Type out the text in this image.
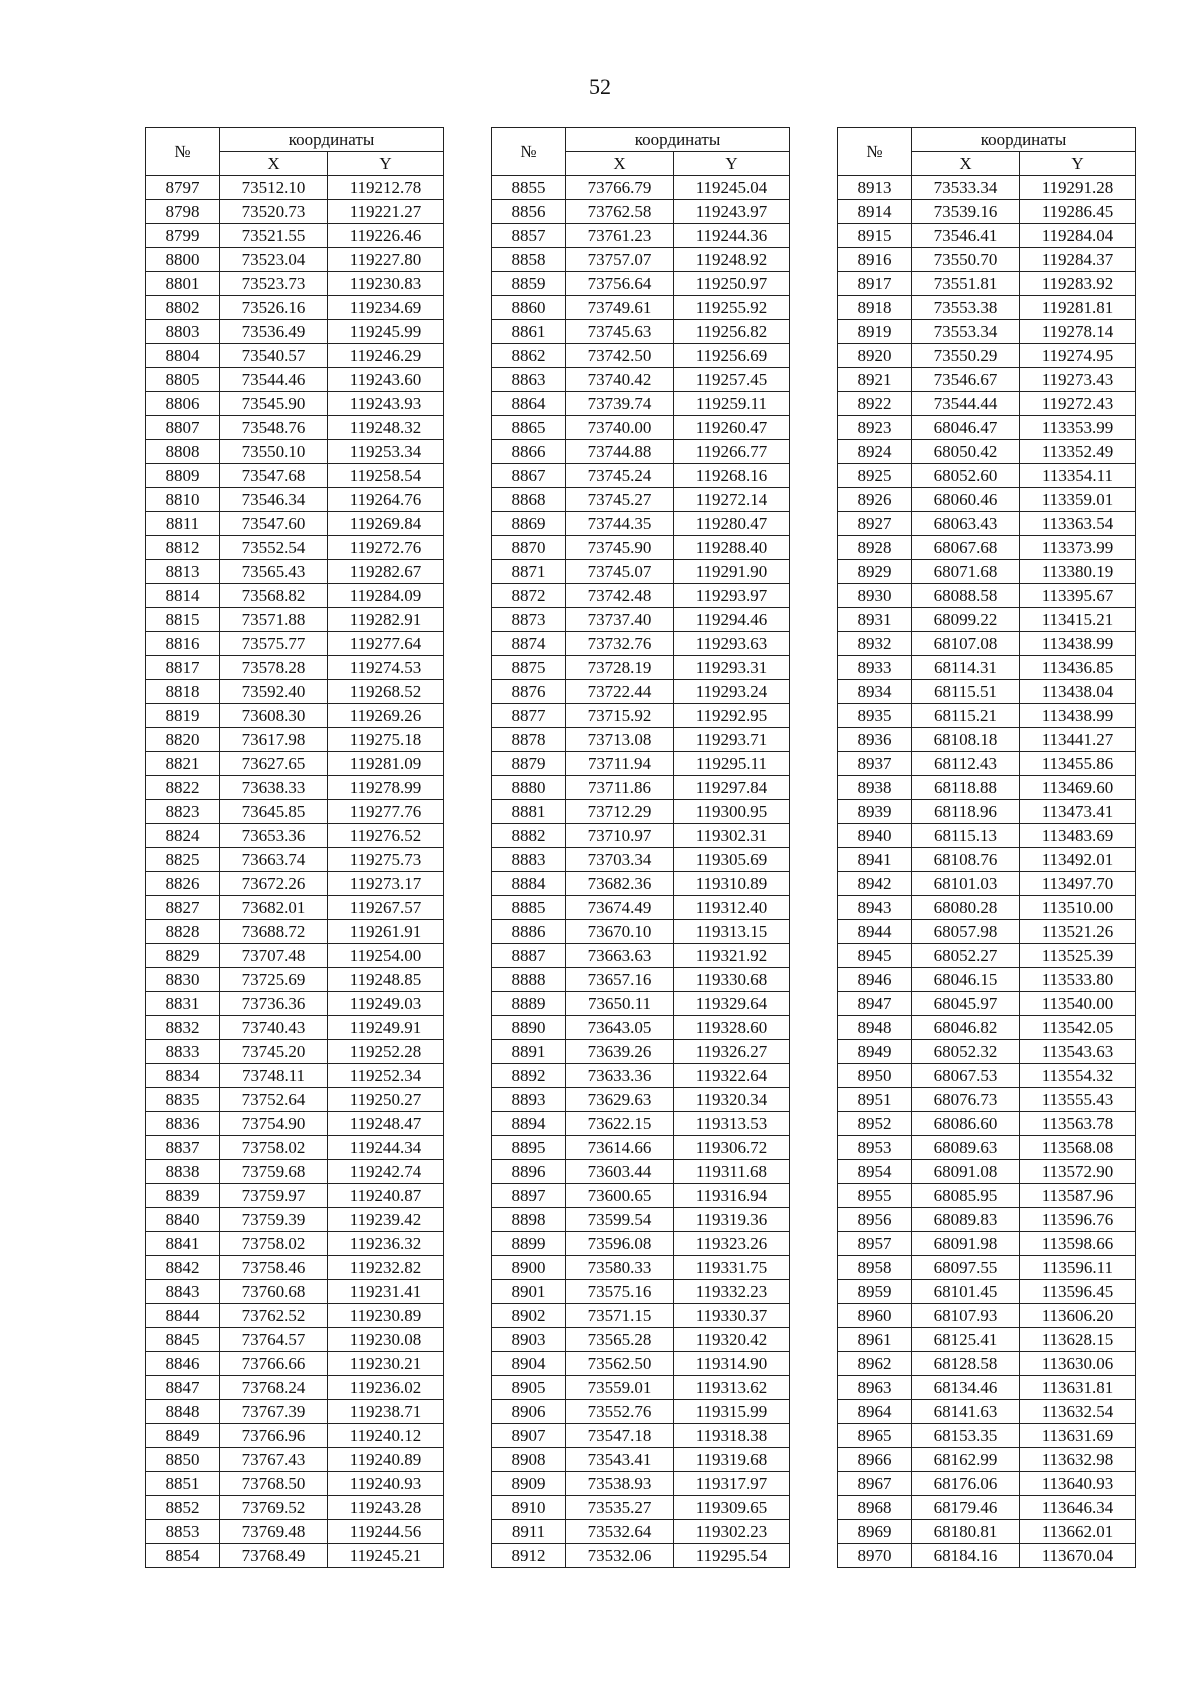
52
№	координаты	
	X	Y
8797	73512.10	119212.78
8798	73520.73	119221.27
8799	73521.55	119226.46
8800	73523.04	119227.80
8801	73523.73	119230.83
8802	73526.16	119234.69
8803	73536.49	119245.99
8804	73540.57	119246.29
8805	73544.46	119243.60
8806	73545.90	119243.93
8807	73548.76	119248.32
8808	73550.10	119253.34
8809	73547.68	119258.54
8810	73546.34	119264.76
8811	73547.60	119269.84
8812	73552.54	119272.76
8813	73565.43	119282.67
8814	73568.82	119284.09
8815	73571.88	119282.91
8816	73575.77	119277.64
8817	73578.28	119274.53
8818	73592.40	119268.52
8819	73608.30	119269.26
8820	73617.98	119275.18
8821	73627.65	119281.09
8822	73638.33	119278.99
8823	73645.85	119277.76
8824	73653.36	119276.52
8825	73663.74	119275.73
8826	73672.26	119273.17
8827	73682.01	119267.57
8828	73688.72	119261.91
8829	73707.48	119254.00
8830	73725.69	119248.85
8831	73736.36	119249.03
8832	73740.43	119249.91
8833	73745.20	119252.28
8834	73748.11	119252.34
8835	73752.64	119250.27
8836	73754.90	119248.47
8837	73758.02	119244.34
8838	73759.68	119242.74
8839	73759.97	119240.87
8840	73759.39	119239.42
8841	73758.02	119236.32
8842	73758.46	119232.82
8843	73760.68	119231.41
8844	73762.52	119230.89
8845	73764.57	119230.08
8846	73766.66	119230.21
8847	73768.24	119236.02
8848	73767.39	119238.71
8849	73766.96	119240.12
8850	73767.43	119240.89
8851	73768.50	119240.93
8852	73769.52	119243.28
8853	73769.48	119244.56
8854	73768.49	119245.21
№	координаты	
	X	Y
8855	73766.79	119245.04
8856	73762.58	119243.97
8857	73761.23	119244.36
8858	73757.07	119248.92
8859	73756.64	119250.97
8860	73749.61	119255.92
8861	73745.63	119256.82
8862	73742.50	119256.69
8863	73740.42	119257.45
8864	73739.74	119259.11
8865	73740.00	119260.47
8866	73744.88	119266.77
8867	73745.24	119268.16
8868	73745.27	119272.14
8869	73744.35	119280.47
8870	73745.90	119288.40
8871	73745.07	119291.90
8872	73742.48	119293.97
8873	73737.40	119294.46
8874	73732.76	119293.63
8875	73728.19	119293.31
8876	73722.44	119293.24
8877	73715.92	119292.95
8878	73713.08	119293.71
8879	73711.94	119295.11
8880	73711.86	119297.84
8881	73712.29	119300.95
8882	73710.97	119302.31
8883	73703.34	119305.69
8884	73682.36	119310.89
8885	73674.49	119312.40
8886	73670.10	119313.15
8887	73663.63	119321.92
8888	73657.16	119330.68
8889	73650.11	119329.64
8890	73643.05	119328.60
8891	73639.26	119326.27
8892	73633.36	119322.64
8893	73629.63	119320.34
8894	73622.15	119313.53
8895	73614.66	119306.72
8896	73603.44	119311.68
8897	73600.65	119316.94
8898	73599.54	119319.36
8899	73596.08	119323.26
8900	73580.33	119331.75
8901	73575.16	119332.23
8902	73571.15	119330.37
8903	73565.28	119320.42
8904	73562.50	119314.90
8905	73559.01	119313.62
8906	73552.76	119315.99
8907	73547.18	119318.38
8908	73543.41	119319.68
8909	73538.93	119317.97
8910	73535.27	119309.65
8911	73532.64	119302.23
8912	73532.06	119295.54
№	координаты	
	X	Y
8913	73533.34	119291.28
8914	73539.16	119286.45
8915	73546.41	119284.04
8916	73550.70	119284.37
8917	73551.81	119283.92
8918	73553.38	119281.81
8919	73553.34	119278.14
8920	73550.29	119274.95
8921	73546.67	119273.43
8922	73544.44	119272.43
8923	68046.47	113353.99
8924	68050.42	113352.49
8925	68052.60	113354.11
8926	68060.46	113359.01
8927	68063.43	113363.54
8928	68067.68	113373.99
8929	68071.68	113380.19
8930	68088.58	113395.67
8931	68099.22	113415.21
8932	68107.08	113438.99
8933	68114.31	113436.85
8934	68115.51	113438.04
8935	68115.21	113438.99
8936	68108.18	113441.27
8937	68112.43	113455.86
8938	68118.88	113469.60
8939	68118.96	113473.41
8940	68115.13	113483.69
8941	68108.76	113492.01
8942	68101.03	113497.70
8943	68080.28	113510.00
8944	68057.98	113521.26
8945	68052.27	113525.39
8946	68046.15	113533.80
8947	68045.97	113540.00
8948	68046.82	113542.05
8949	68052.32	113543.63
8950	68067.53	113554.32
8951	68076.73	113555.43
8952	68086.60	113563.78
8953	68089.63	113568.08
8954	68091.08	113572.90
8955	68085.95	113587.96
8956	68089.83	113596.76
8957	68091.98	113598.66
8958	68097.55	113596.11
8959	68101.45	113596.45
8960	68107.93	113606.20
8961	68125.41	113628.15
8962	68128.58	113630.06
8963	68134.46	113631.81
8964	68141.63	113632.54
8965	68153.35	113631.69
8966	68162.99	113632.98
8967	68176.06	113640.93
8968	68179.46	113646.34
8969	68180.81	113662.01
8970	68184.16	113670.04
